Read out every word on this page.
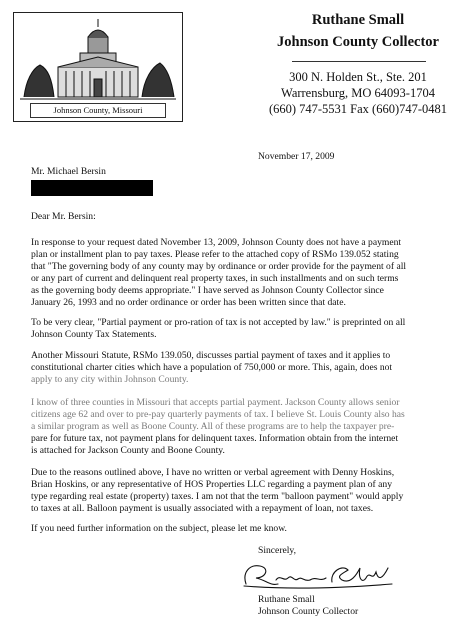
Johnson County, Missouri
Ruthane Small
Johnson County Collector
300 N. Holden St., Ste. 201
Warrensburg, MO 64093-1704
(660) 747-5531 Fax (660)747-0481
November 17, 2009
Mr. Michael Bersin
Dear Mr. Bersin:
In response to your request dated November 13, 2009, Johnson County does not have a payment
plan or installment plan to pay taxes. Please refer to the attached copy of RSMo 139.052 stating
that "The governing body of any county may by ordinance or order provide for the payment of all
or any part of current and delinquent real property taxes, in such installments and on such terms
as the governing body deems appropriate." I have served as Johnson County Collector since
January 26, 1993 and no order ordinance or order has been written since that date.
To be very clear, "Partial payment or pro-ration of tax is not accepted by law." is preprinted on all
Johnson County Tax Statements.
Another Missouri Statute, RSMo 139.050, discusses partial payment of taxes and it applies to
constitutional charter cities which have a population of 750,000 or more. This, again, does not
apply to any city within Johnson County.
I know of three counties in Missouri that accepts partial payment. Jackson County allows senior
citizens age 62 and over to pre-pay quarterly payments of tax. I believe St. Louis County also has
a similar program as well as Boone County. All of these programs are to help the taxpayer pre-
pare for future tax, not payment plans for delinquent taxes. Information obtain from the internet
is attached for Jackson County and Boone County.
Due to the reasons outlined above, I have no written or verbal agreement with Denny Hoskins,
Brian Hoskins, or any representative of HOS Properties LLC regarding a payment plan of any
type regarding real estate (property) taxes. I am not that the term "balloon payment" would apply
to taxes at all. Balloon payment is usually associated with a repayment of loan, not taxes.
If you need further information on the subject, please let me know.
Sincerely,
Ruthane Small
Johnson County Collector
